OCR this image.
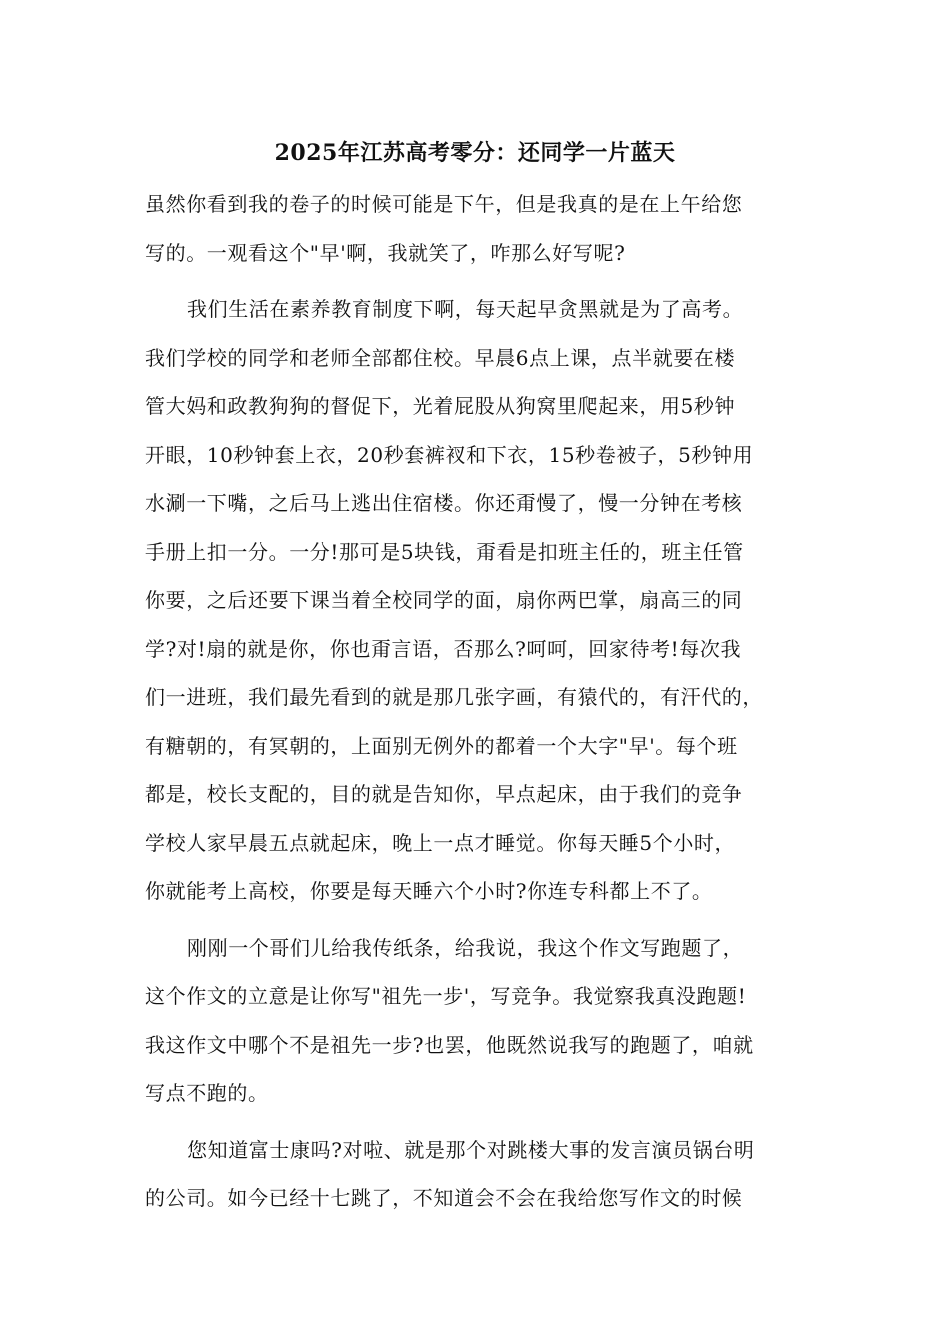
2025年江苏高考零分：还同学一片蓝天
虽然你看到我的卷子的时候可能是下午，但是我真的是在上午给您
写的。一观看这个"早'啊，我就笑了，咋那么好写呢?
我们生活在素养教育制度下啊，每天起早贪黑就是为了高考。
我们学校的同学和老师全部都住校。早晨6点上课，点半就要在楼
管大妈和政教狗狗的督促下，光着屁股从狗窝里爬起来，用5秒钟
开眼，10秒钟套上衣，20秒套裤衩和下衣，15秒卷被子，5秒钟用
水涮一下嘴，之后马上逃出住宿楼。你还甭慢了，慢一分钟在考核
手册上扣一分。一分!那可是5块钱，甭看是扣班主任的，班主任管
你要，之后还要下课当着全校同学的面，扇你两巴掌，扇高三的同
学?对!扇的就是你，你也甭言语，否那么?呵呵，回家待考!每次我
们一进班，我们最先看到的就是那几张字画，有猿代的，有汗代的，
有糖朝的，有冥朝的，上面别无例外的都着一个大字"早'。每个班
都是，校长支配的，目的就是告知你，早点起床，由于我们的竞争
学校人家早晨五点就起床，晚上一点才睡觉。你每天睡5个小时，
你就能考上高校，你要是每天睡六个小时?你连专科都上不了。
刚刚一个哥们儿给我传纸条，给我说，我这个作文写跑题了，
这个作文的立意是让你写"祖先一步'，写竞争。我觉察我真没跑题!
我这作文中哪个不是祖先一步?也罢，他既然说我写的跑题了，咱就
写点不跑的。
您知道富士康吗?对啦、就是那个对跳楼大事的发言演员锅台明
的公司。如今已经十七跳了，不知道会不会在我给您写作文的时候
